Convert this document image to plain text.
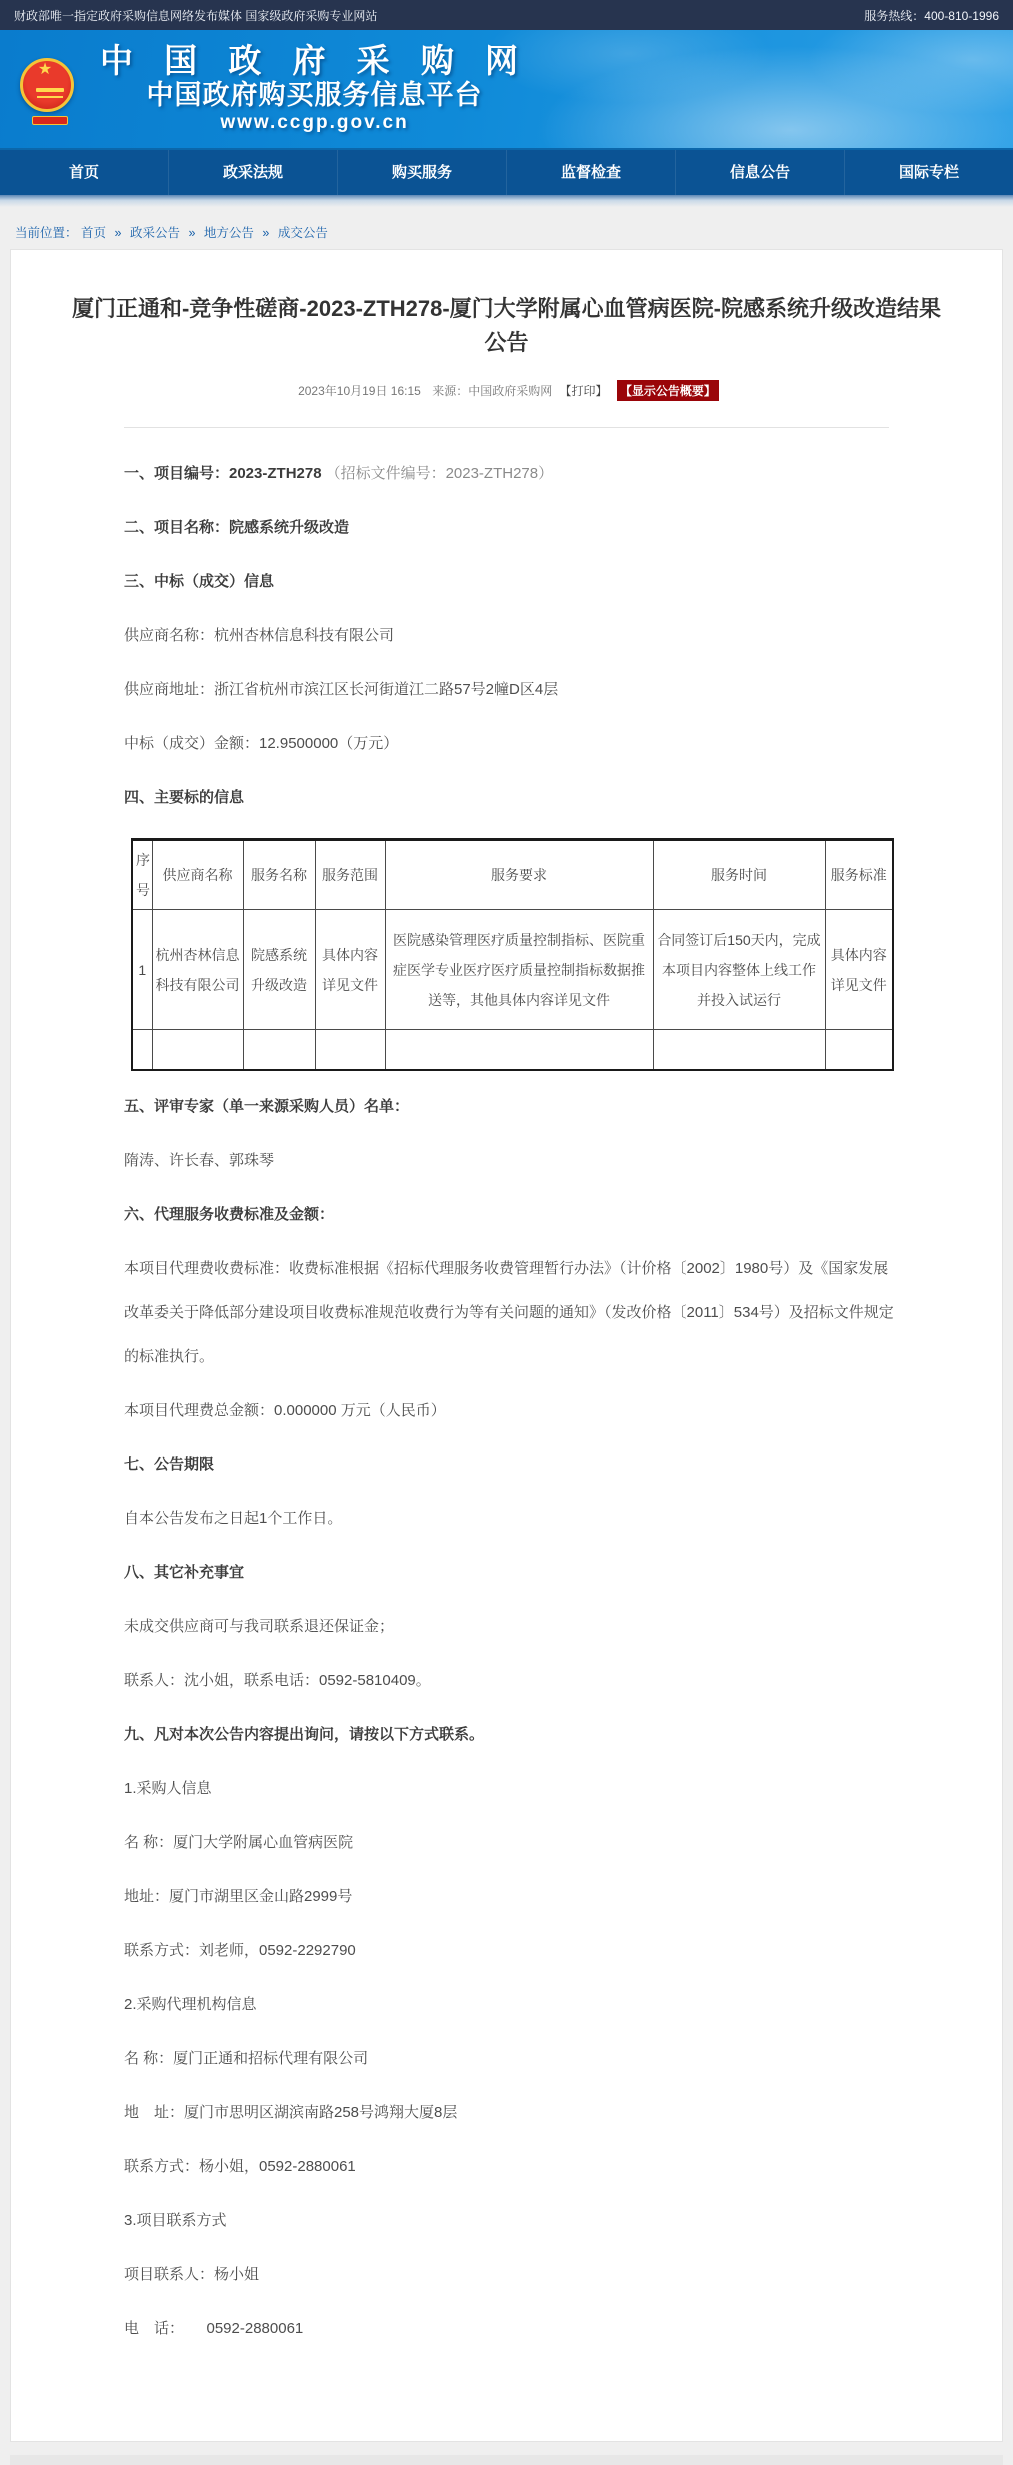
财政部唯一指定政府采购信息网络发布媒体 国家级政府采购专业网站	服务热线：400-810-1996
★	中 国 政 府 采 购 网
中国政府购买服务信息平台
www.ccgp.gov.cn
首页	政采法规	购买服务	监督检查	信息公告	国际专栏
当前位置： 首页 » 政采公告 » 地方公告 » 成交公告
厦门正通和-竞争性磋商-2023-ZTH278-厦门大学附属心血管病医院-院感系统升级改造结果公告
2023年10月19日 16:15 来源：中国政府采购网 【打印】 【显示公告概要】

一、项目编号：2023-ZTH278 （招标文件编号：2023-ZTH278）

二、项目名称：院感系统升级改造

三、中标（成交）信息

供应商名称：杭州杏林信息科技有限公司

供应商地址：浙江省杭州市滨江区长河街道江二路57号2幢D区4层

中标（成交）金额：12.9500000（万元）

四、主要标的信息

序号	供应商名称	服务名称	服务范围	服务要求	服务时间	服务标准
1	杭州杏林信息科技有限公司	院感系统升级改造	具体内容详见文件	医院感染管理医疗质量控制指标、医院重症医学专业医疗医疗质量控制指标数据推送等，其他具体内容详见文件	合同签订后150天内，完成本项目内容整体上线工作并投入试运行	具体内容详见文件

五、评审专家（单一来源采购人员）名单：

隋涛、许长春、郭珠琴

六、代理服务收费标准及金额：

本项目代理费收费标准：收费标准根据《招标代理服务收费管理暂行办法》（计价格〔2002〕1980号）及《国家发展改革委关于降低部分建设项目收费标准规范收费行为等有关问题的通知》（发改价格〔2011〕534号）及招标文件规定的标准执行。

本项目代理费总金额：0.000000 万元（人民币）

七、公告期限

自本公告发布之日起1个工作日。

八、其它补充事宜

未成交供应商可与我司联系退还保证金；

联系人：沈小姐，联系电话：0592-5810409。

九、凡对本次公告内容提出询问，请按以下方式联系。

1.采购人信息

名 称：厦门大学附属心血管病医院

地址：厦门市湖里区金山路2999号

联系方式：刘老师，0592-2292790

2.采购代理机构信息

名 称：厦门正通和招标代理有限公司

地　址：厦门市思明区湖滨南路258号鸿翔大厦8层

联系方式：杨小姐，0592-2880061

3.项目联系方式

项目联系人：杨小姐

电　话：　　0592-2880061
